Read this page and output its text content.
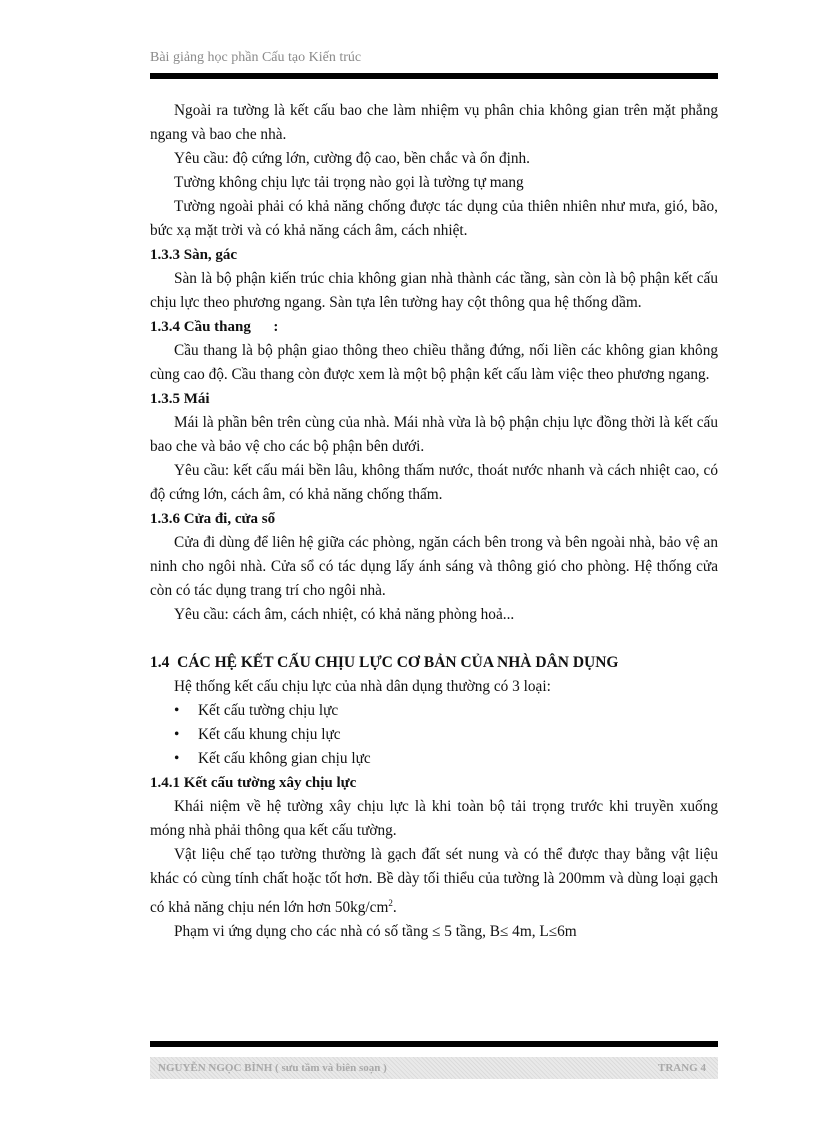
Bài giảng học phần Cấu tạo Kiến trúc

Ngoài ra tường là kết cấu bao che làm nhiệm vụ phân chia không gian trên mặt phẳng ngang và bao che nhà.

Yêu cầu: độ cứng lớn, cường độ cao, bền chắc và ổn định.

Tường không chịu lực tải trọng nào gọi là tường tự mang

Tường ngoài phải có khả năng chống được tác dụng của thiên nhiên như mưa, gió, bão, bức xạ mặt trời và có khả năng cách âm, cách nhiệt.

1.3.3 Sàn, gác

Sàn là bộ phận kiến trúc chia không gian nhà thành các tầng, sàn còn là bộ phận kết cấu chịu lực theo phương ngang. Sàn tựa lên tường hay cột thông qua hệ thống dầm.

1.3.4 Cầu thang      :

Cầu thang là bộ phận giao thông theo chiều thẳng đứng, nối liền các không gian không cùng cao độ. Cầu thang còn được xem là một bộ phận kết cấu làm việc theo phương ngang.

1.3.5 Mái

Mái là phần bên trên cùng của nhà. Mái nhà vừa là bộ phận chịu lực đồng thời là kết cấu bao che và bảo vệ cho các bộ phận bên dưới.

Yêu cầu: kết cấu mái bền lâu, không thấm nước, thoát nước nhanh và cách nhiệt cao, có độ cứng lớn, cách âm, có khả năng chống thấm.

1.3.6 Cửa đi, cửa sổ

Cửa đi dùng để liên hệ giữa các phòng, ngăn cách bên trong và bên ngoài nhà, bảo vệ an ninh cho ngôi nhà. Cửa sổ có tác dụng lấy ánh sáng và thông gió cho phòng. Hệ thống cửa còn có tác dụng trang trí cho ngôi nhà.

Yêu cầu: cách âm, cách nhiệt, có khả năng phòng hoả...

1.4  CÁC HỆ KẾT CẤU CHỊU LỰC CƠ BẢN CỦA NHÀ DÂN DỤNG

Hệ thống kết cấu chịu lực của nhà dân dụng thường có 3 loại:

• Kết cấu tường chịu lực
• Kết cấu khung chịu lực
• Kết cấu không gian chịu lực

1.4.1 Kết cấu tường xây chịu lực

Khái niệm về hệ tường xây chịu lực là khi toàn bộ tải trọng trước khi truyền xuống móng nhà phải thông qua kết cấu tường.

Vật liệu chế tạo tường thường là gạch đất sét nung và có thể được thay bằng vật liệu khác có cùng tính chất hoặc tốt hơn. Bề dày tối thiểu của tường là 200mm và dùng loại gạch có khả năng chịu nén lớn hơn $50kg/cm^2$.

Phạm vi ứng dụng cho các nhà có số tầng ≤ 5 tầng, B≤ 4m, L≤6m

NGUYỄN NGỌC BÌNH ( sưu tầm và biên soạn )	TRANG 4
